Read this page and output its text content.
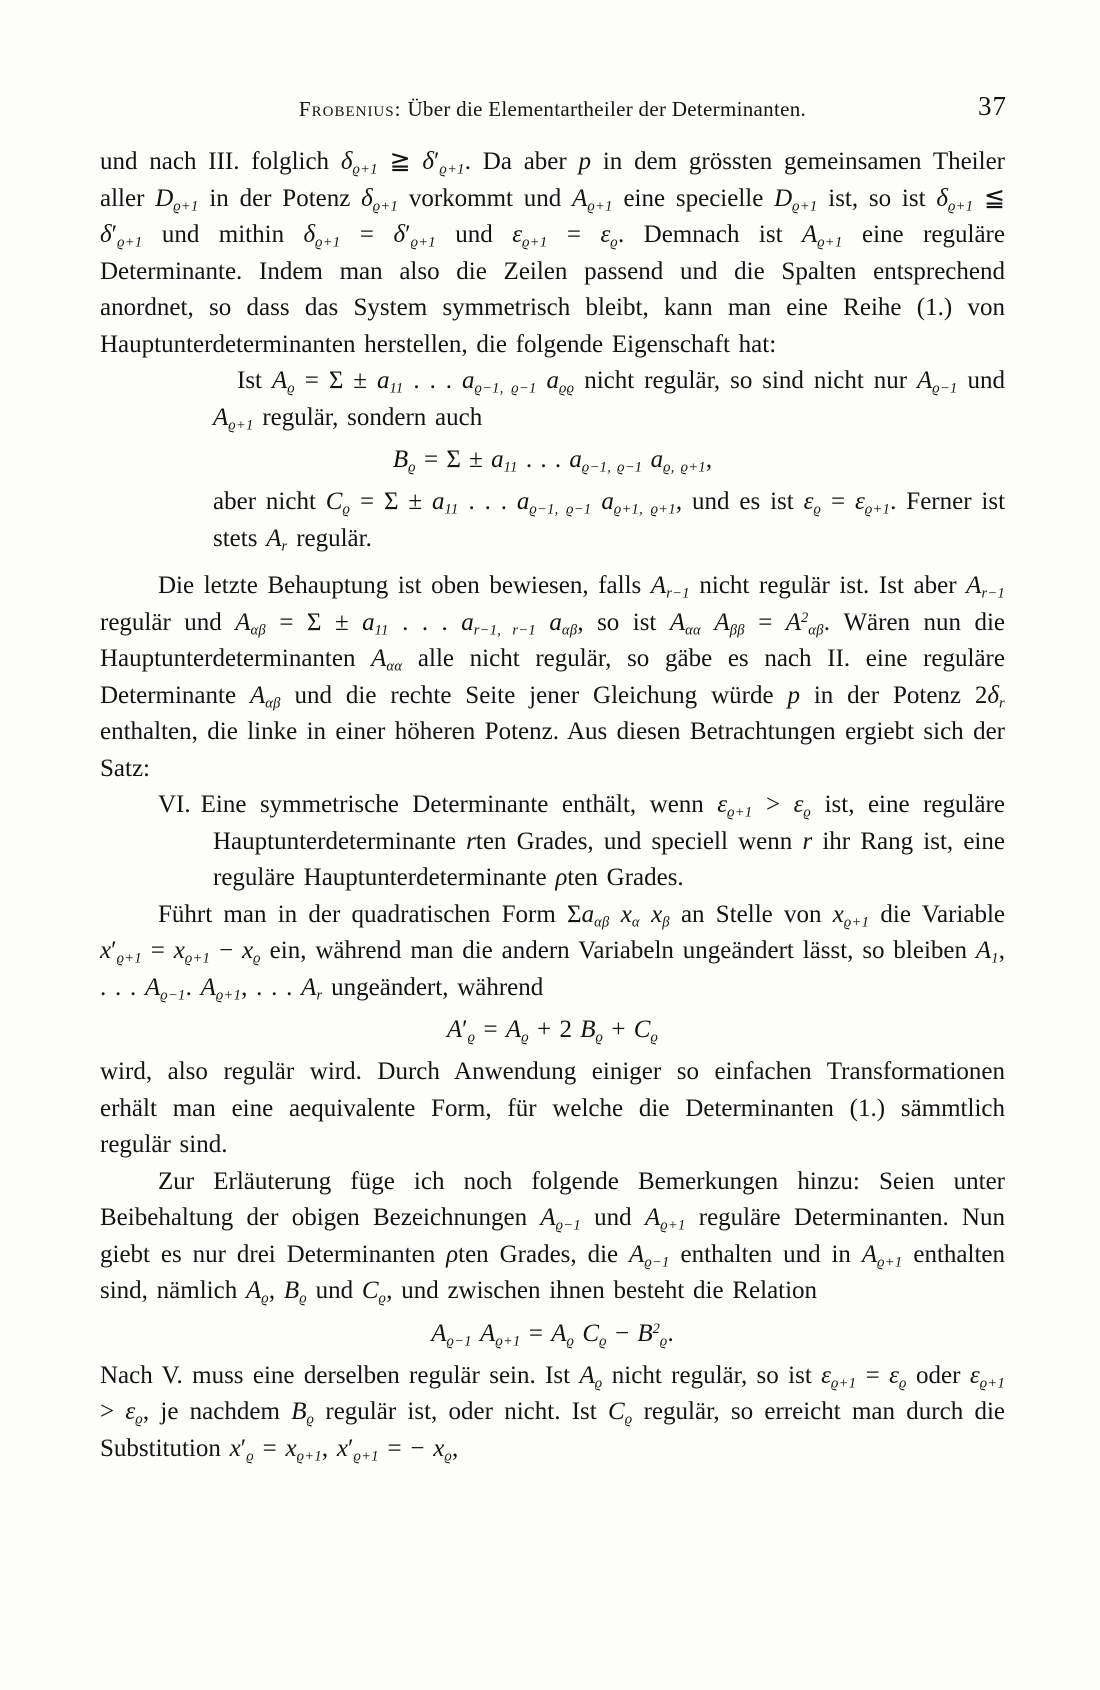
Frobenius: Über die Elementartheiler der Determinanten.	37

und nach III. folglich $\delta_{ϱ+1}$ ≧ $\delta'_{ϱ+1}$. Da aber p in dem grössten gemeinsamen Theiler aller $D_{ϱ+1}$ in der Potenz $\delta_{ϱ+1}$ vorkommt und $A_{ϱ+1}$ eine specielle $D_{ϱ+1}$ ist, so ist $\delta_{ϱ+1}$ ≦ $\delta'_{ϱ+1}$ und mithin $\delta_{ϱ+1} = \delta'_{ϱ+1}$ und $\varepsilon_{ϱ+1} = \varepsilon_ϱ$. Demnach ist $A_{ϱ+1}$ eine reguläre Determinante. Indem man also die Zeilen passend und die Spalten entsprechend anordnet, so dass das System symmetrisch bleibt, kann man eine Reihe (1.) von Hauptunterdeterminanten herstellen, die folgende Eigenschaft hat:

Ist $A_ϱ = \Sigma \pm a_{11}$ . . . $a_{ϱ-1, ϱ-1}$ $a_{ϱϱ}$ nicht regulär, so sind nicht nur $A_{ϱ-1}$ und $A_{ϱ+1}$ regulär, sondern auch

$B_ϱ = \Sigma \pm a_{11}$ . . . $a_{ϱ-1, ϱ-1}$ $a_{ϱ, ϱ+1}$,

aber nicht $C_ϱ = \Sigma \pm a_{11}$ . . . $a_{ϱ-1, ϱ-1}$ $a_{ϱ+1, ϱ+1}$, und es ist $\varepsilon_ϱ = \varepsilon_{ϱ+1}$. Ferner ist stets $A_r$ regulär.

Die letzte Behauptung ist oben bewiesen, falls $A_{r-1}$ nicht regulär ist. Ist aber $A_{r-1}$ regulär und $A_{\alpha\beta} = \Sigma \pm a_{11}$ . . . $a_{r-1, r-1}$ $a_{\alpha\beta}$, so ist $A_{\alpha\alpha}$ $A_{\beta\beta} = A^2_{\alpha\beta}$. Wären nun die Hauptunterdeterminanten $A_{\alpha\alpha}$ alle nicht regulär, so gäbe es nach II. eine reguläre Determinante $A_{\alpha\beta}$ und die rechte Seite jener Gleichung würde p in der Potenz $2\delta_r$ enthalten, die linke in einer höheren Potenz. Aus diesen Betrachtungen ergiebt sich der Satz:

VI. Eine symmetrische Determinante enthält, wenn $\varepsilon_{ϱ+1} > \varepsilon_ϱ$ ist, eine reguläre Hauptunterdeterminante rten Grades, und speciell wenn r ihr Rang ist, eine reguläre Hauptunterdeterminante ρten Grades.

Führt man in der quadratischen Form $\Sigma a_{\alpha\beta}$ $x_\alpha$ $x_\beta$ an Stelle von $x_{ϱ+1}$ die Variable $x'_{ϱ+1} = x_{ϱ+1} - x_ϱ$ ein, während man die andern Variabeln ungeändert lässt, so bleiben $A_1$, . . . $A_{ϱ-1}$. $A_{ϱ+1}$, . . . $A_r$ ungeändert, während

$A'_ϱ = A_ϱ + 2$ $B_ϱ + C_ϱ$

wird, also regulär wird. Durch Anwendung einiger so einfachen Transformationen erhält man eine aequivalente Form, für welche die Determinanten (1.) sämmtlich regulär sind.

Zur Erläuterung füge ich noch folgende Bemerkungen hinzu: Seien unter Beibehaltung der obigen Bezeichnungen $A_{ϱ-1}$ und $A_{ϱ+1}$ reguläre Determinanten. Nun giebt es nur drei Determinanten ρten Grades, die $A_{ϱ-1}$ enthalten und in $A_{ϱ+1}$ enthalten sind, nämlich $A_ϱ$, $B_ϱ$ und $C_ϱ$, und zwischen ihnen besteht die Relation

$A_{ϱ-1}$ $A_{ϱ+1} = A_ϱ$ $C_ϱ - B^2_ϱ$.

Nach V. muss eine derselben regulär sein. Ist $A_ϱ$ nicht regulär, so ist $\varepsilon_{ϱ+1} = \varepsilon_ϱ$ oder $\varepsilon_{ϱ+1} > \varepsilon_ϱ$, je nachdem $B_ϱ$ regulär ist, oder nicht. Ist $C_ϱ$ regulär, so erreicht man durch die Substitution $x'_ϱ = x_{ϱ+1}$, $x'_{ϱ+1}$ = − $x_ϱ$,
